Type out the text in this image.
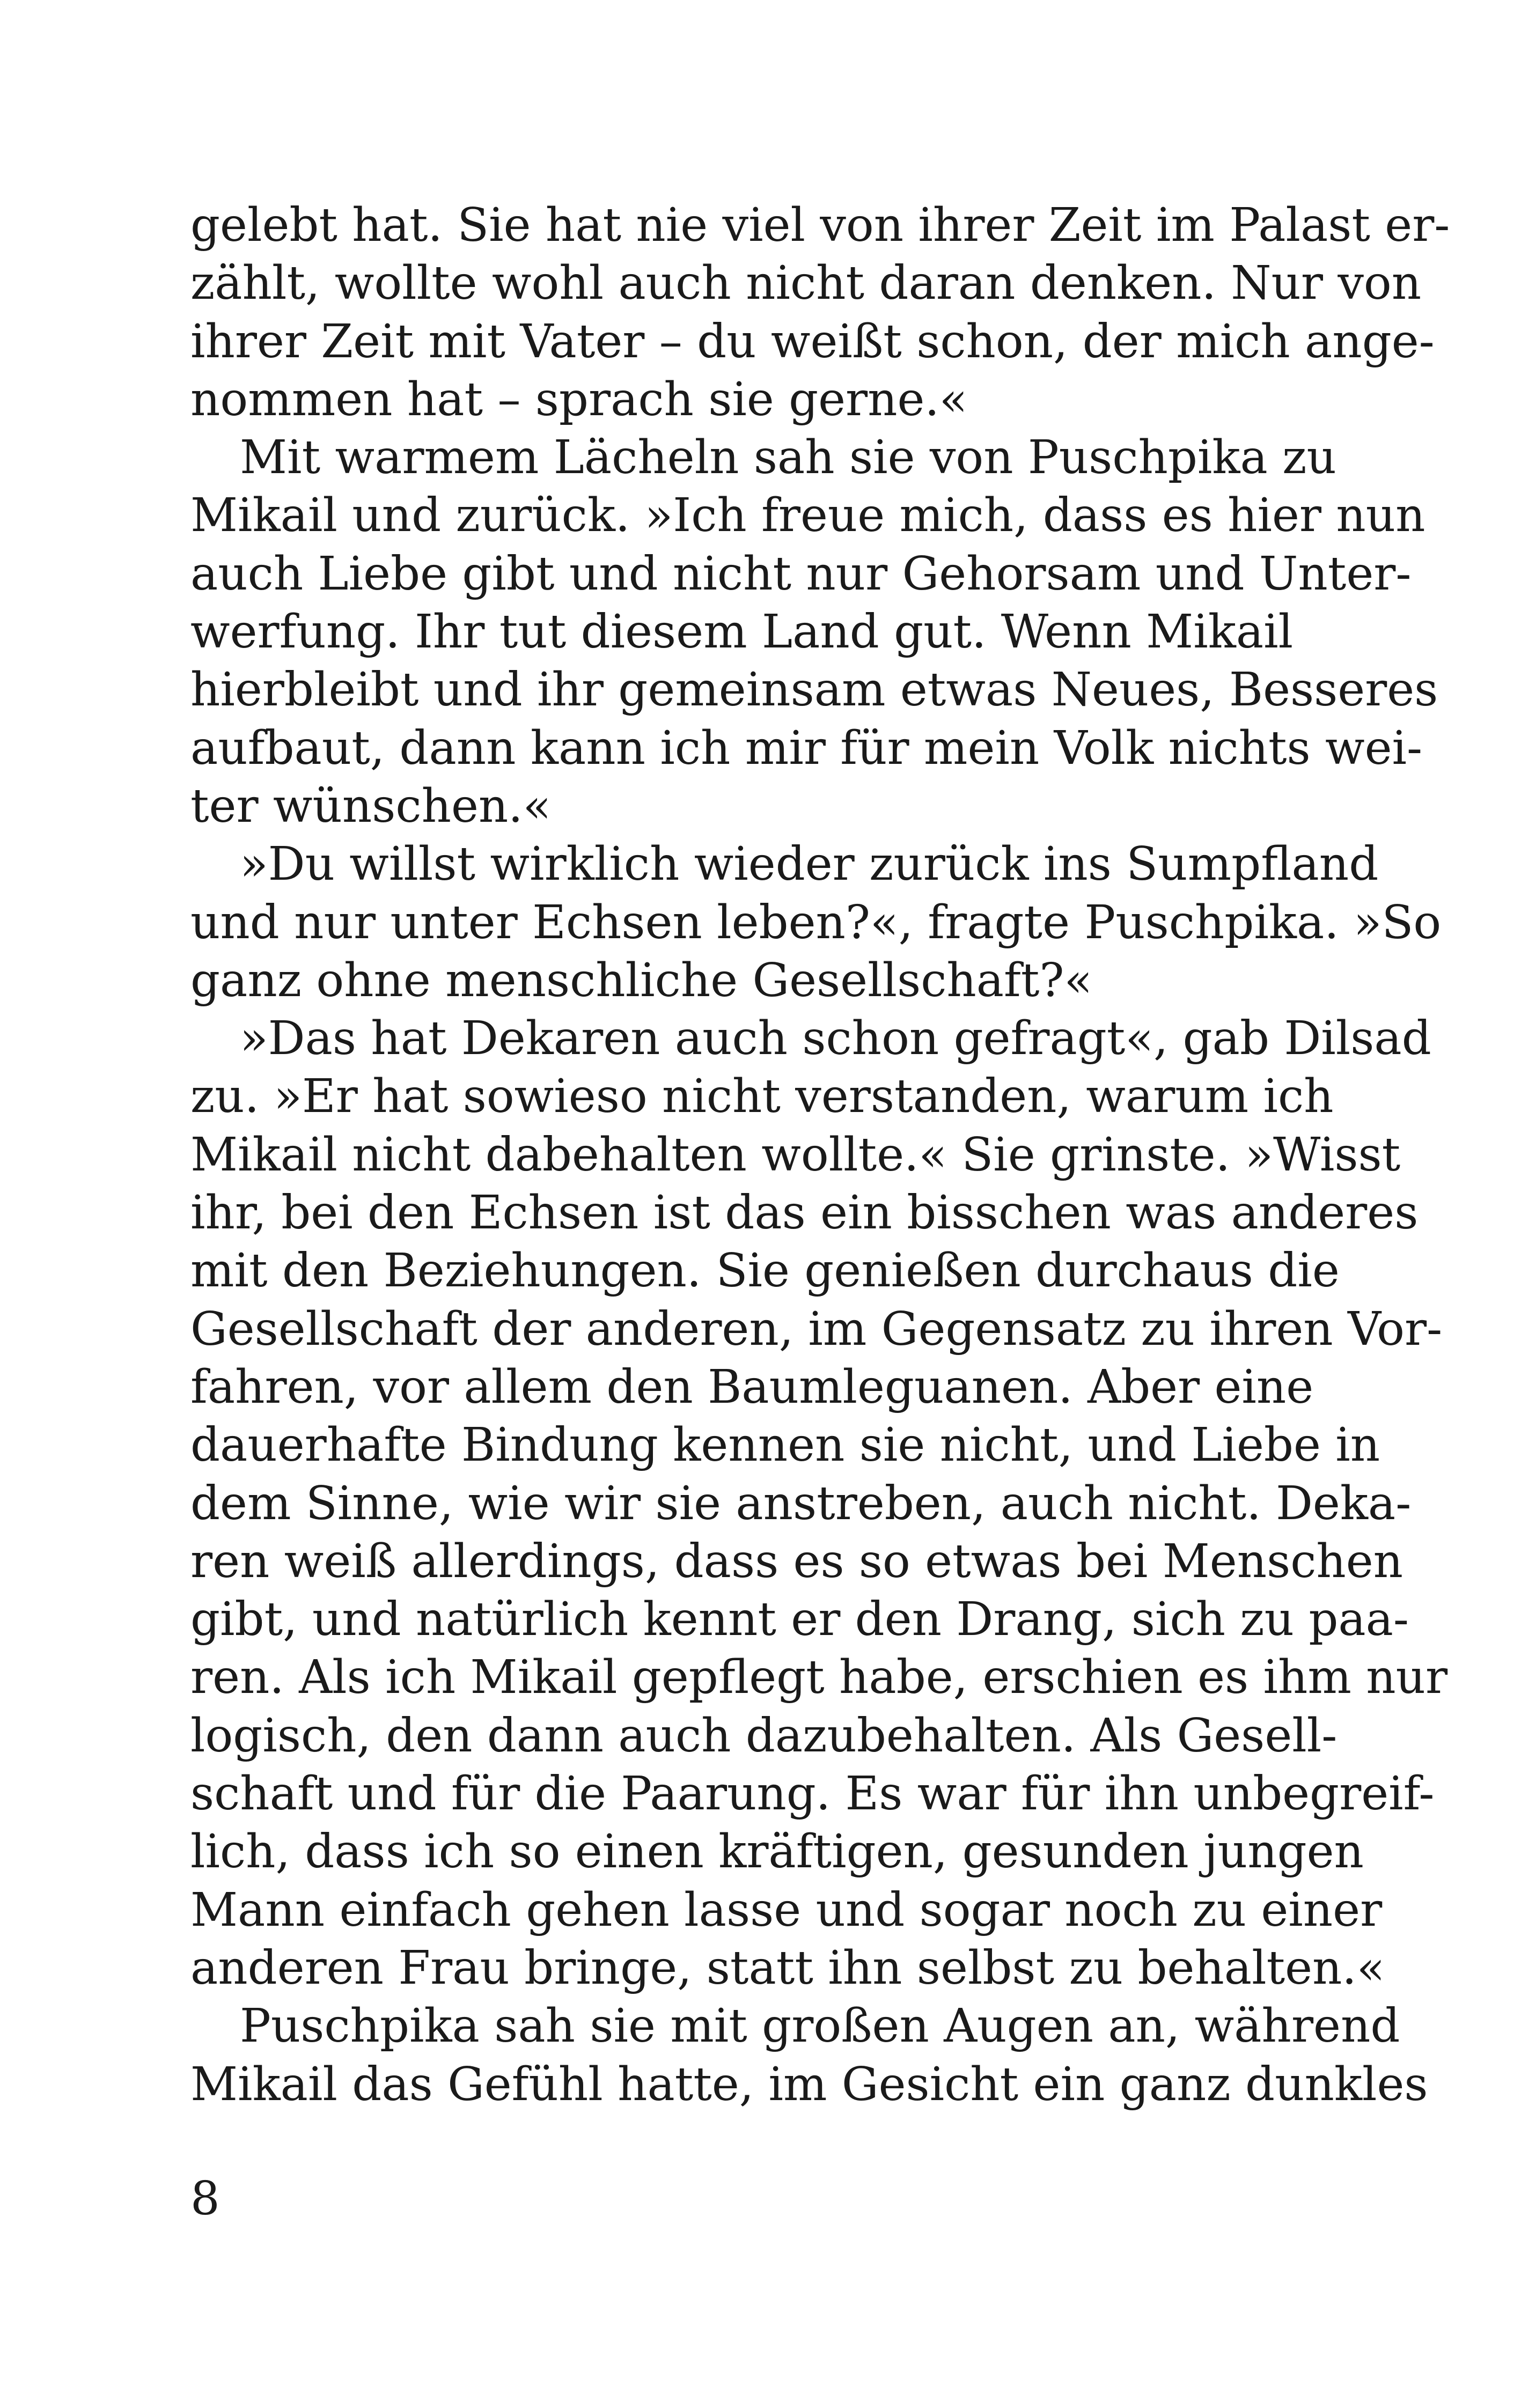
gelebt hat. Sie hat nie viel von ihrer Zeit im Palast er-
zählt, wollte wohl auch nicht daran denken. Nur von
ihrer Zeit mit Vater – du weißt schon, der mich ange-
nommen hat – sprach sie gerne.«
Mit warmem Lächeln sah sie von Puschpika zu
Mikail und zurück. »Ich freue mich, dass es hier nun
auch Liebe gibt und nicht nur Gehorsam und Unter-
werfung. Ihr tut diesem Land gut. Wenn Mikail
hierbleibt und ihr gemeinsam etwas Neues, Besseres
aufbaut, dann kann ich mir für mein Volk nichts wei-
ter wünschen.«
»Du willst wirklich wieder zurück ins Sumpfland
und nur unter Echsen leben?«, fragte Puschpika. »So
ganz ohne menschliche Gesellschaft?«
»Das hat Dekaren auch schon gefragt«, gab Dilsad
zu. »Er hat sowieso nicht verstanden, warum ich
Mikail nicht dabehalten wollte.« Sie grinste. »Wisst
ihr, bei den Echsen ist das ein bisschen was anderes
mit den Beziehungen. Sie genießen durchaus die
Gesellschaft der anderen, im Gegensatz zu ihren Vor-
fahren, vor allem den Baumleguanen. Aber eine
dauerhafte Bindung kennen sie nicht, und Liebe in
dem Sinne, wie wir sie anstreben, auch nicht. Deka-
ren weiß allerdings, dass es so etwas bei Menschen
gibt, und natürlich kennt er den Drang, sich zu paa-
ren. Als ich Mikail gepflegt habe, erschien es ihm nur
logisch, den dann auch dazubehalten. Als Gesell-
schaft und für die Paarung. Es war für ihn unbegreif-
lich, dass ich so einen kräftigen, gesunden jungen
Mann einfach gehen lasse und sogar noch zu einer
anderen Frau bringe, statt ihn selbst zu behalten.«
Puschpika sah sie mit großen Augen an, während
Mikail das Gefühl hatte, im Gesicht ein ganz dunkles
8
